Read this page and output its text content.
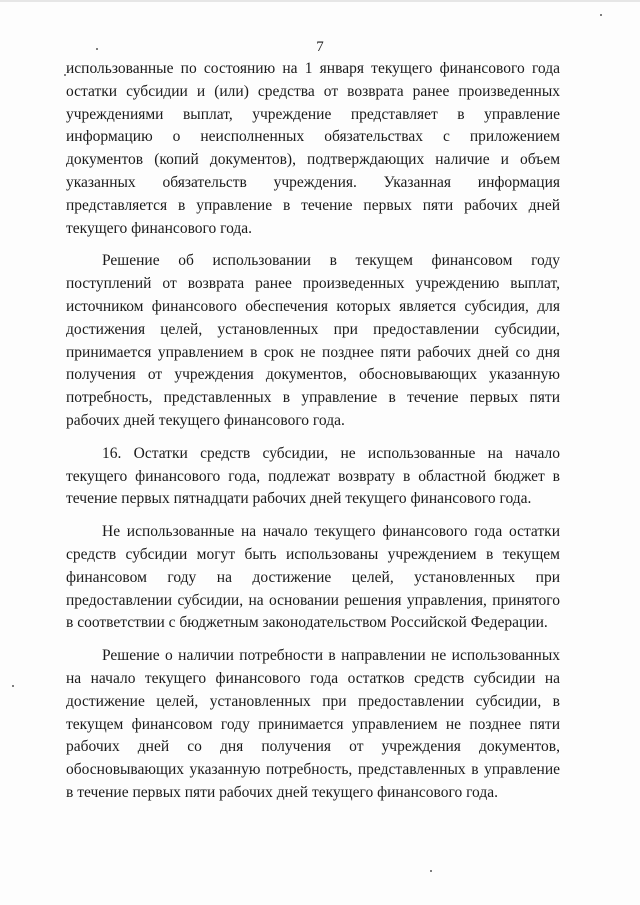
7

использованные по состоянию на 1 января текущего финансового года остатки субсидии и (или) средства от возврата ранее произведенных учреждениями выплат, учреждение представляет в управление информацию о неисполненных обязательствах с приложением документов (копий документов), подтверждающих наличие и объем указанных обязательств учреждения. Указанная информация представляется в управление в течение первых пяти рабочих дней текущего финансового года.

Решение об использовании в текущем финансовом году поступлений от возврата ранее произведенных учреждению выплат, источником финансового обеспечения которых является субсидия, для достижения целей, установленных при предоставлении субсидии, принимается управлением в срок не позднее пяти рабочих дней со дня получения от учреждения документов, обосновывающих указанную потребность, представленных в управление в течение первых пяти рабочих дней текущего финансового года.

16. Остатки средств субсидии, не использованные на начало текущего финансового года, подлежат возврату в областной бюджет в течение первых пятнадцати рабочих дней текущего финансового года.

Не использованные на начало текущего финансового года остатки средств субсидии могут быть использованы учреждением в текущем финансовом году на достижение целей, установленных при предоставлении субсидии, на основании решения управления, принятого в соответствии с бюджетным законодательством Российской Федерации.

Решение о наличии потребности в направлении не использованных на начало текущего финансового года остатков средств субсидии на достижение целей, установленных при предоставлении субсидии, в текущем финансовом году принимается управлением не позднее пяти рабочих дней со дня получения от учреждения документов, обосновывающих указанную потребность, представленных в управление в течение первых пяти рабочих дней текущего финансового года.
